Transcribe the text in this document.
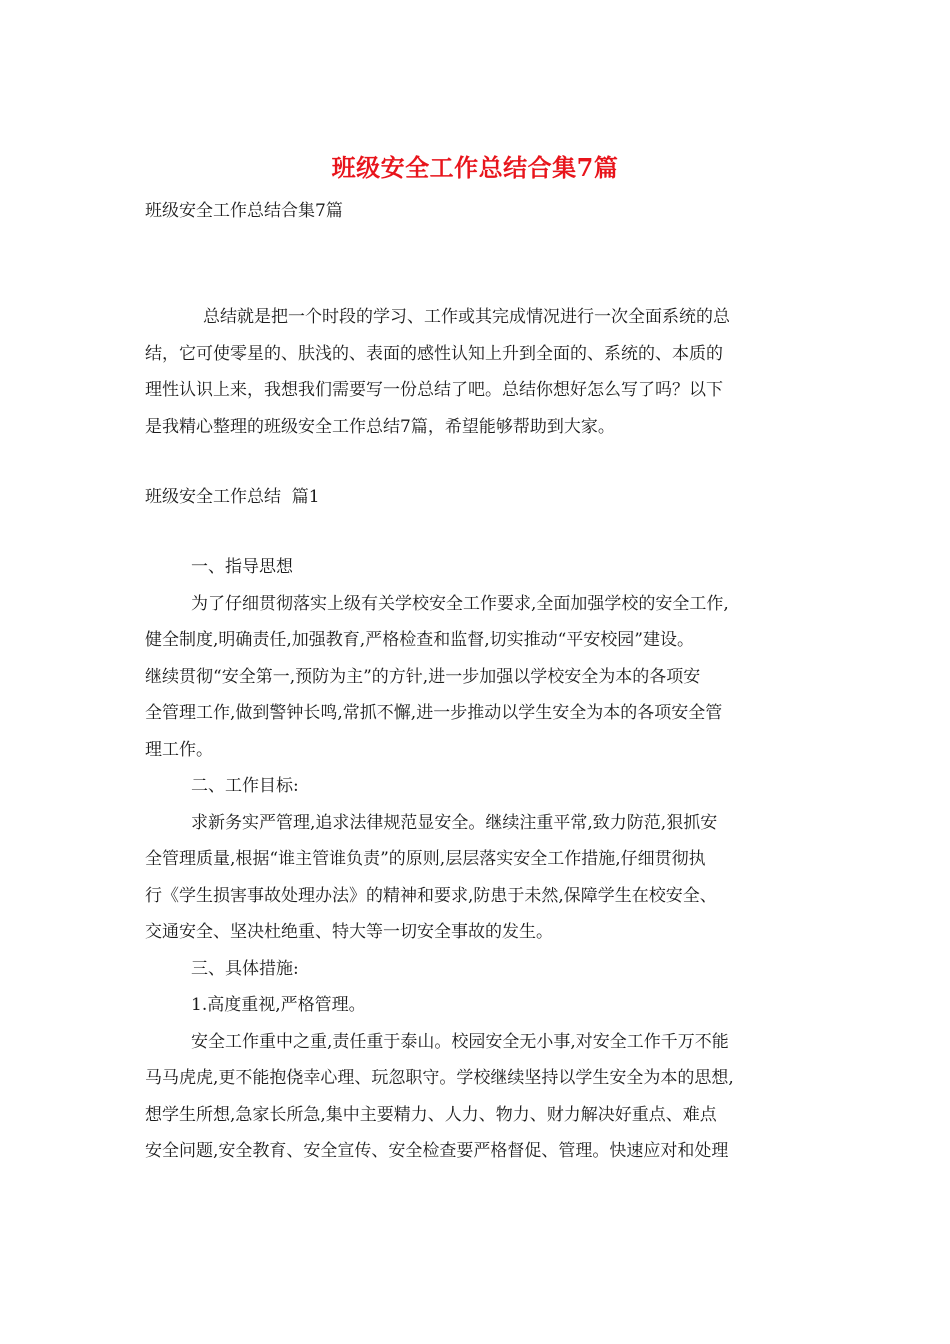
班级安全工作总结合集7篇
班级安全工作总结合集7篇
总结就是把一个时段的学习、工作或其完成情况进行一次全面系统的总
结，它可使零星的、肤浅的、表面的感性认知上升到全面的、系统的、本质的
理性认识上来，我想我们需要写一份总结了吧。总结你想好怎么写了吗？以下
是我精心整理的班级安全工作总结7篇，希望能够帮助到大家。
班级安全工作总结  篇1
一、指导思想
为了仔细贯彻落实上级有关学校安全工作要求,全面加强学校的安全工作,
健全制度,明确责任,加强教育,严格检查和监督,切实推动“平安校园”建设。
继续贯彻“安全第一,预防为主”的方针,进一步加强以学校安全为本的各项安
全管理工作,做到警钟长鸣,常抓不懈,进一步推动以学生安全为本的各项安全管
理工作。
二、工作目标:
求新务实严管理,追求法律规范显安全。继续注重平常,致力防范,狠抓安
全管理质量,根据“谁主管谁负责”的原则,层层落实安全工作措施,仔细贯彻执
行《学生损害事故处理办法》的精神和要求,防患于未然,保障学生在校安全、
交通安全、坚决杜绝重、特大等一切安全事故的发生。
三、具体措施:
1.高度重视,严格管理。
安全工作重中之重,责任重于泰山。校园安全无小事,对安全工作千万不能
马马虎虎,更不能抱侥幸心理、玩忽职守。学校继续坚持以学生安全为本的思想,
想学生所想,急家长所急,集中主要精力、人力、物力、财力解决好重点、难点
安全问题,安全教育、安全宣传、安全检查要严格督促、管理。快速应对和处理
